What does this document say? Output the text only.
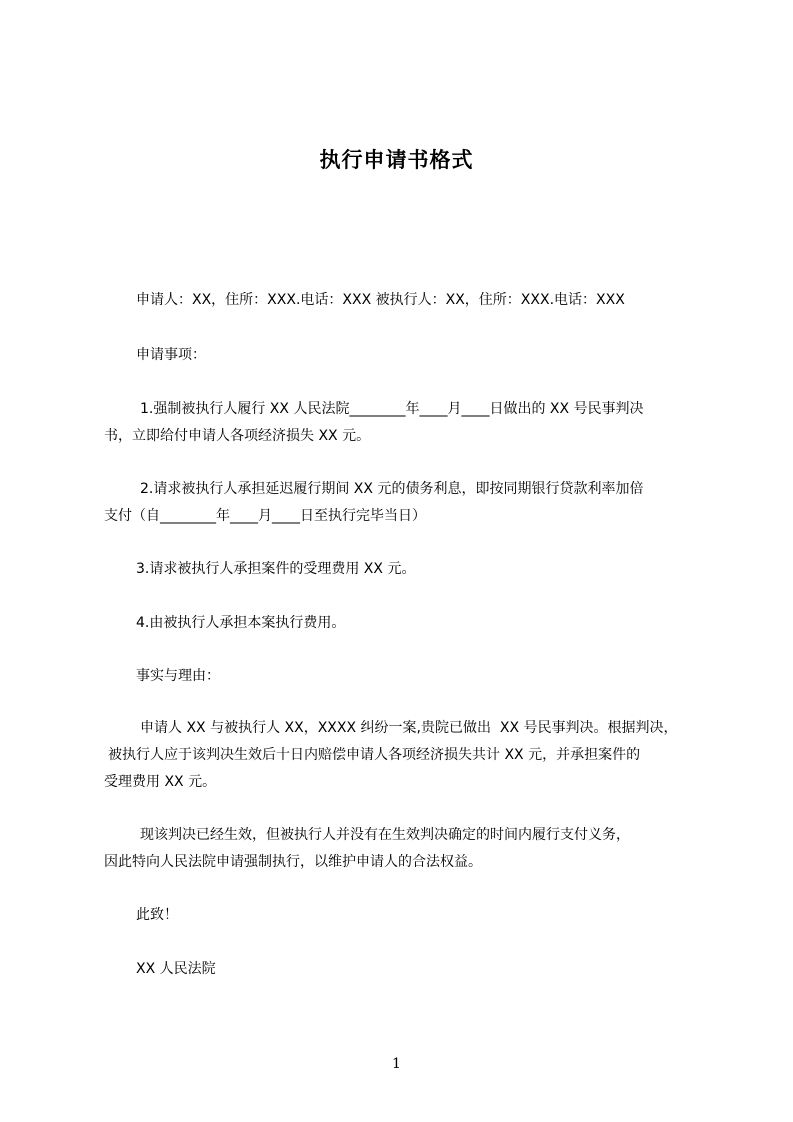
执行申请书格式
申请人：XX，住所：XXX.电话：XXX 被执行人：XX，住所：XXX.电话：XXX
申请事项：
1.强制被执行人履行 XX 人民法院________年____月____日做出的 XX 号民事判决
书，立即给付申请人各项经济损失 XX 元。
2.请求被执行人承担延迟履行期间 XX 元的债务利息，即按同期银行贷款利率加倍
支付（自________年____月____日至执行完毕当日）
3.请求被执行人承担案件的受理费用 XX 元。
4.由被执行人承担本案执行费用。
事实与理由：
申请人 XX 与被执行人 XX，XXXX 纠纷一案,贵院已做出  XX 号民事判决。根据判决，
被执行人应于该判决生效后十日内赔偿申请人各项经济损失共计 XX 元，并承担案件的
受理费用 XX 元。
现该判决已经生效，但被执行人并没有在生效判决确定的时间内履行支付义务，
因此特向人民法院申请强制执行，以维护申请人的合法权益。
此致！
XX 人民法院
1
